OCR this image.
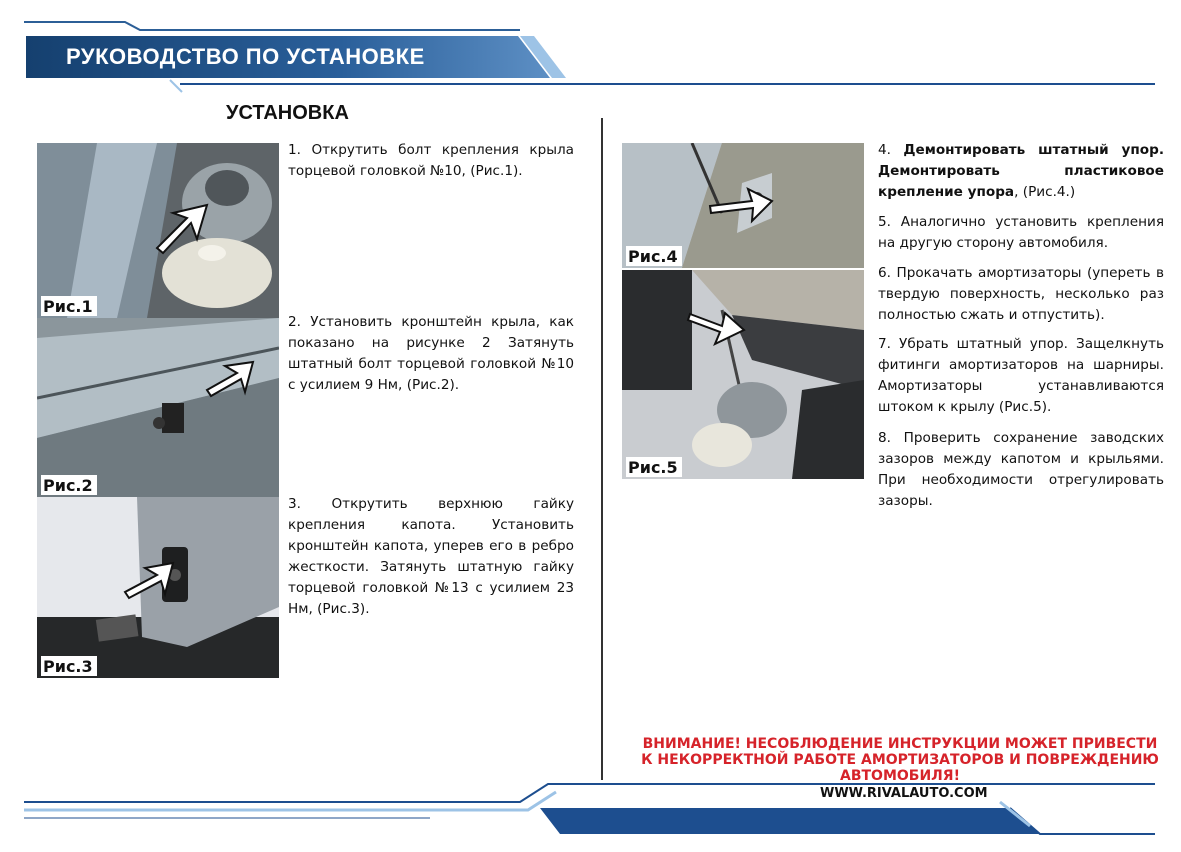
РУКОВОДСТВО ПО УСТАНОВКЕ
УСТАНОВКА
Рис.1
Рис.2
Рис.3
Рис.4
Рис.5
1. Открутить болт крепления крыла торцевой головкой №10, (Рис.1).
2. Установить кронштейн крыла, как показано на рисунке 2 Затянуть штатный болт торцевой головкой №10 с усилием 9 Нм, (Рис.2).
3. Открутить верхнюю гайку крепления капота. Установить кронштейн капота, уперев его в ребро жесткости. Затянуть штатную гайку торцевой головкой №13 с усилием 23 Нм, (Рис.3).
4. Демонтировать штатный упор. Демонтировать пластиковое крепление упора, (Рис.4.)
5. Аналогично установить крепления на другую сторону автомобиля.
6. Прокачать амортизаторы (упереть в твердую поверхность, несколько раз полностью сжать и отпустить).
7. Убрать штатный упор. Защелкнуть фитинги амортизаторов на шарниры. Амортизаторы устанавливаются штоком к крылу (Рис.5).
8. Проверить сохранение заводских зазоров между капотом и крыльями. При необходимости отрегулировать зазоры.
ВНИМАНИЕ! НЕСОБЛЮДЕНИЕ ИНСТРУКЦИИ МОЖЕТ ПРИВЕСТИ К НЕКОРРЕКТНОЙ РАБОТЕ АМОРТИЗАТОРОВ И ПОВРЕЖДЕНИЮ АВТОМОБИЛЯ!
WWW.RIVALAUTO.COM
